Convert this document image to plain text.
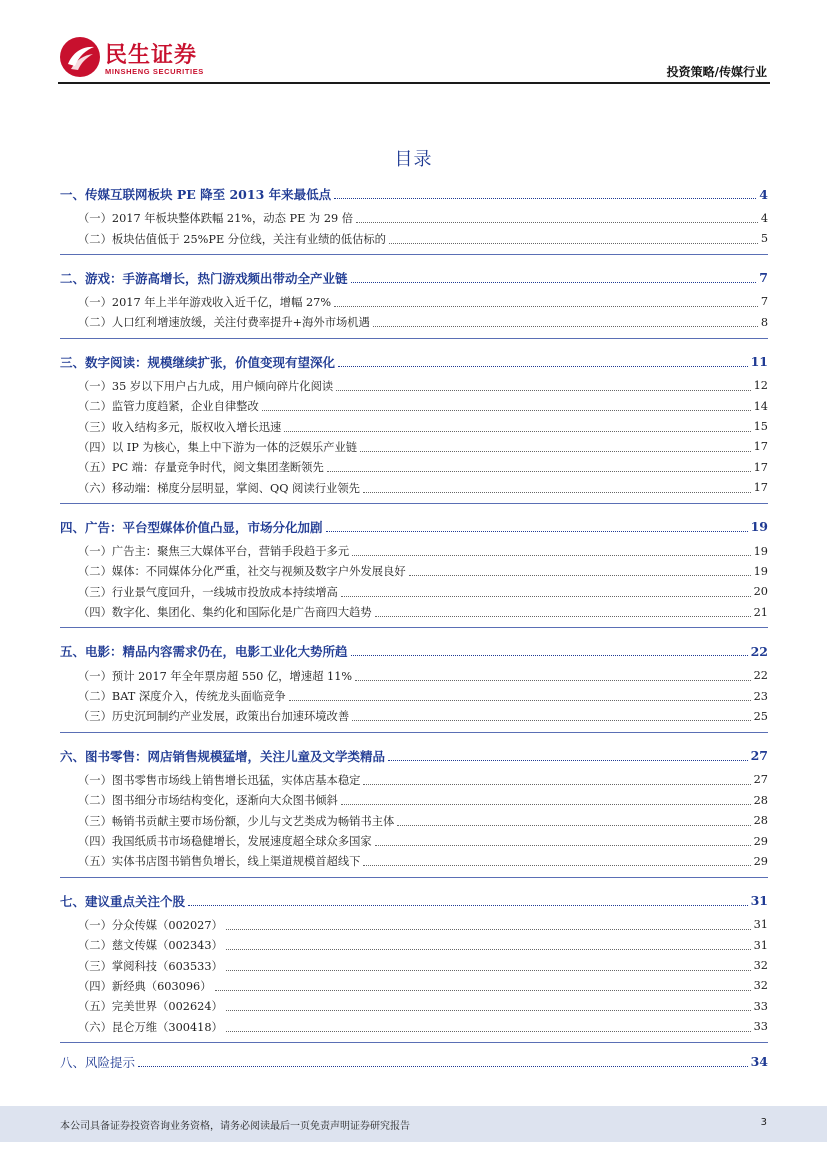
民生证券
MINSHENG SECURITIES	投资策略/传媒行业
目录
一、传媒互联网板块 PE 降至 2013 年来最低点	4
（一）2017 年板块整体跌幅 21%，动态 PE 为 29 倍	4
（二）板块估值低于 25%PE 分位线，关注有业绩的低估标的	5
二、游戏：手游高增长，热门游戏频出带动全产业链	7
（一）2017 年上半年游戏收入近千亿，增幅 27%	7
（二）人口红利增速放缓，关注付费率提升+海外市场机遇	8
三、数字阅读：规模继续扩张，价值变现有望深化	11
（一）35 岁以下用户占九成，用户倾向碎片化阅读	12
（二）监管力度趋紧，企业自律整改	14
（三）收入结构多元，版权收入增长迅速	15
（四）以 IP 为核心，集上中下游为一体的泛娱乐产业链	17
（五）PC 端：存量竞争时代，阅文集团垄断领先	17
（六）移动端：梯度分层明显，掌阅、QQ 阅读行业领先	17
四、广告：平台型媒体价值凸显，市场分化加剧	19
（一）广告主：聚焦三大媒体平台，营销手段趋于多元	19
（二）媒体：不同媒体分化严重，社交与视频及数字户外发展良好	19
（三）行业景气度回升，一线城市投放成本持续增高	20
（四）数字化、集团化、集约化和国际化是广告商四大趋势	21
五、电影：精品内容需求仍在，电影工业化大势所趋	22
（一）预计 2017 年全年票房超 550 亿，增速超 11%	22
（二）BAT 深度介入，传统龙头面临竞争	23
（三）历史沉珂制约产业发展，政策出台加速环境改善	25
六、图书零售：网店销售规模猛增，关注儿童及文学类精品	27
（一）图书零售市场线上销售增长迅猛，实体店基本稳定	27
（二）图书细分市场结构变化，逐渐向大众图书倾斜	28
（三）畅销书贡献主要市场份额，少儿与文艺类成为畅销书主体	28
（四）我国纸质书市场稳健增长，发展速度超全球众多国家	29
（五）实体书店图书销售负增长，线上渠道规模首超线下	29
七、建议重点关注个股	31
（一）分众传媒（002027）	31
（二）慈文传媒（002343）	31
（三）掌阅科技（603533）	32
（四）新经典（603096）	32
（五）完美世界（002624）	33
（六）昆仑万维（300418）	33
八、风险提示	34
本公司具备证券投资咨询业务资格，请务必阅读最后一页免责声明证券研究报告	3
